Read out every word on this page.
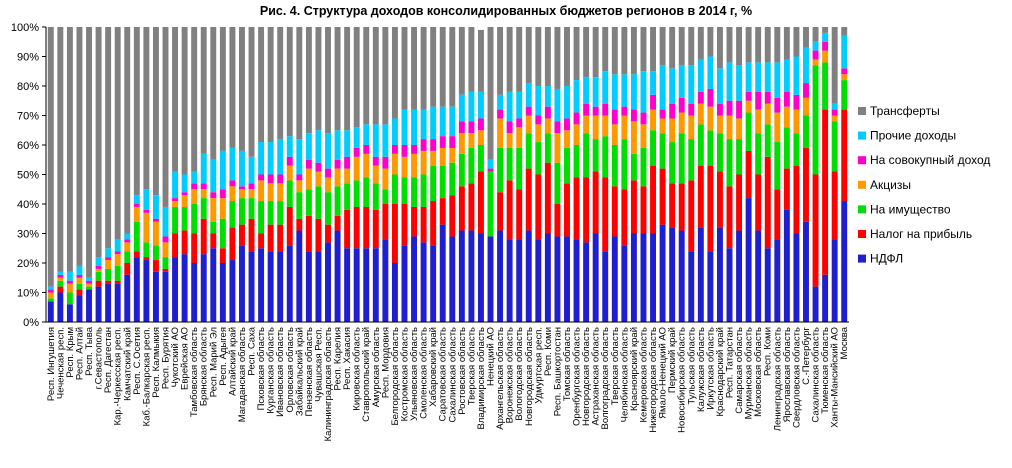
Рис. 4. Структура доходов консолидированных бюджетов регионов в 2014 г, %
0%
10%
20%
30%
40%
50%
60%
70%
80%
90%
100%
Респ. Ингушетия
Чеченская респ.
Респ. Крым
Респ. Алтай
Респ. Тыва
г.Севастополь
Респ. Дагестан
Кар.-Черкесская респ.
Камчатский край
Респ. С.Осетия
Каб.-Балкарская респ.
Респ. Калмыкия
Респ. Бурятия
Чукотский АО
Еврейская АО
Тамбовская область
Брянская область
Респ. Марий Эл
Респ. Адыгея
Алтайский край
Магаданская область
Респ. Саха
Псковская область
Курганская область
Ивановская область
Орловская область
Забайкальский край
Пензенская область
Чувашская Респ.
Калининградская область
Респ. Карелия
Респ. Хакасия
Кировская область
Ставропольский край
Амурская область
Респ. Мордовия
Белгородская область
Костромская область
Ульяновская область
Смоленская область
Хабаровский край
Саратовская область
Сахалинская область
Ростовская область
Тверская область
Владимирская область
Ненецкий АО
Архангельская область
Воронежская область
Вологодская область
Новгородская область
Удмуртская респ.
Респ. Коми
Респ. Башкортостан
Томская область
Оренбургская область
Новгородская область
Астраханская область
Волгоградская область
Тверская область
Челябинская область
Красноярский край
Кемеровская область
Нижегородская область
Ямало-Ненецкий АО
Пермский край
Новосибирская область
Тульская область
Калужская область
Иркутская область
Краснодарский край
Респ. Татарстан
Самарская область
Мурманская область
Московская область
Респ. Коми
Ленинградская область
Ярославская область
Свердловская область
С.-Петербург
Сахалинская область
Тюменская область
Ханты-Мансийский АО
Москва
Трансферты
Прочие доходы
На совокупный доход
Акцизы
На имущество
Налог на прибыль
НДФЛ
